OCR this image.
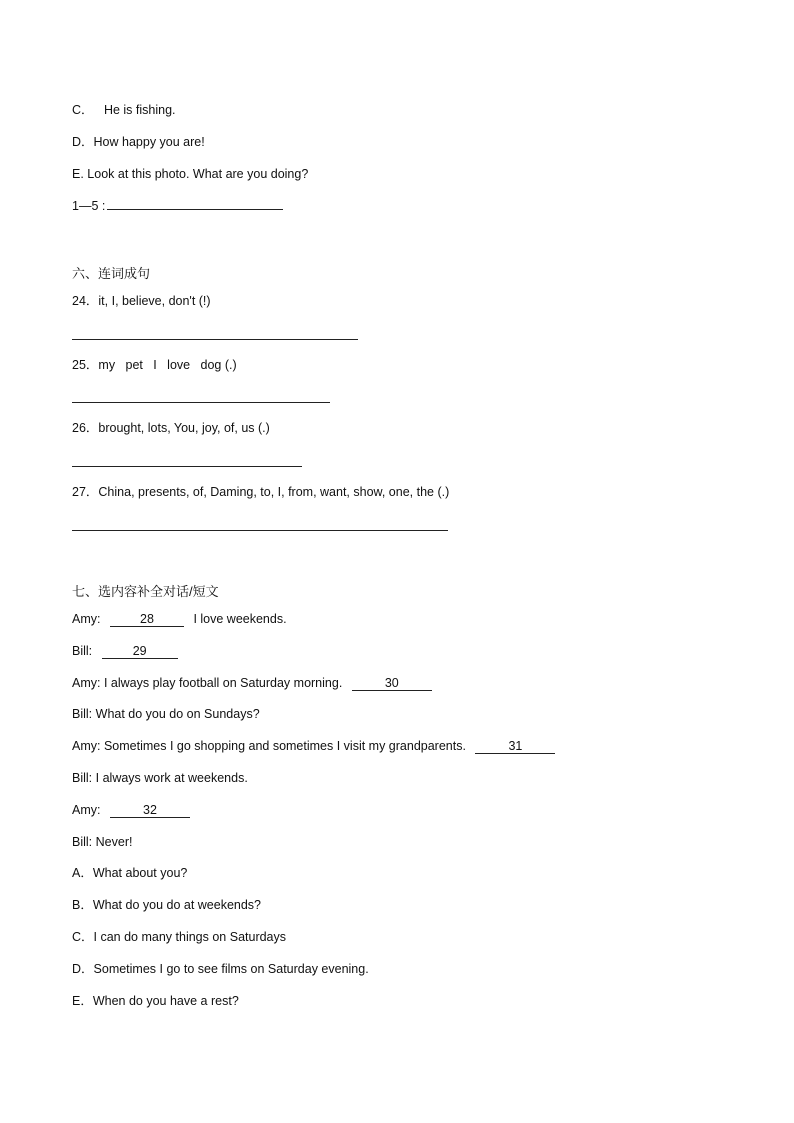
C． He is fishing.
D．How happy you are!
E. Look at this photo. What are you doing?
1—5 :
六、连词成句
24．it, I, believe, don't (!)
25．my   pet   I   love   dog (.)
26．brought, lots, You, joy, of, us (.)
27．China, presents, of, Daming, to, I, from, want, show, one, the (.)
七、选内容补全对话/短文
Amy:	28	I love weekends.
Bill:	29
Amy: I always play football on Saturday morning.	30
Bill: What do you do on Sundays?
Amy: Sometimes I go shopping and sometimes I visit my grandparents.	31
Bill: I always work at weekends.
Amy:	32
Bill: Never!
A．What about you?
B．What do you do at weekends?
C．I can do many things on Saturdays
D．Sometimes I go to see films on Saturday evening.
E．When do you have a rest?
